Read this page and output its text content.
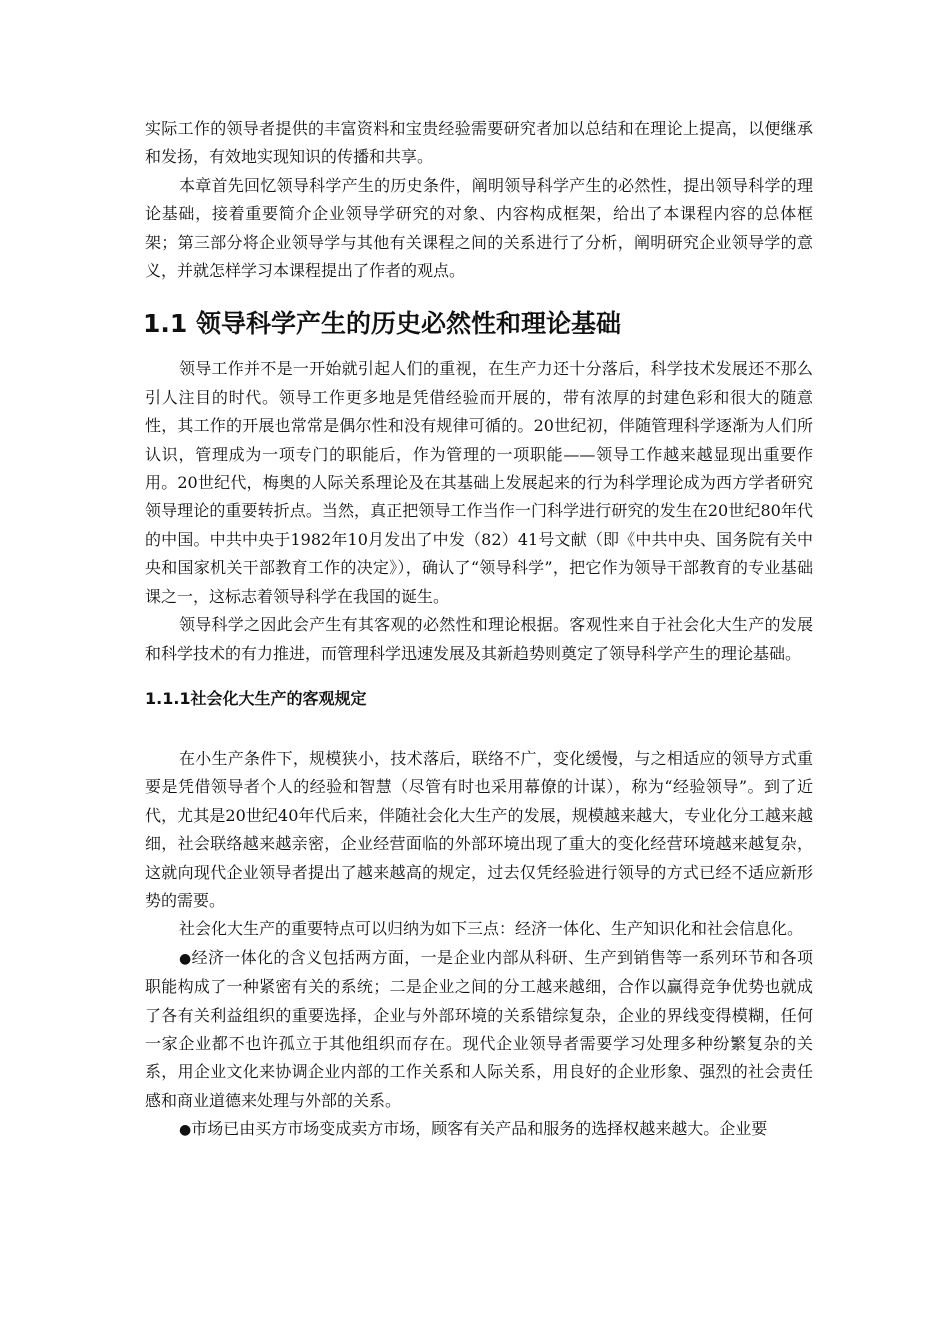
实际工作的领导者提供的丰富资料和宝贵经验需要研究者加以总结和在理论上提高，以便继承和发扬，有效地实现知识的传播和共享。

本章首先回忆领导科学产生的历史条件，阐明领导科学产生的必然性，提出领导科学的理论基础，接着重要简介企业领导学研究的对象、内容构成框架，给出了本课程内容的总体框架；第三部分将企业领导学与其他有关课程之间的关系进行了分析，阐明研究企业领导学的意义，并就怎样学习本课程提出了作者的观点。

1.1 领导科学产生的历史必然性和理论基础

领导工作并不是一开始就引起人们的重视，在生产力还十分落后，科学技术发展还不那么引人注目的时代。领导工作更多地是凭借经验而开展的，带有浓厚的封建色彩和很大的随意性，其工作的开展也常常是偶尔性和没有规律可循的。20世纪初，伴随管理科学逐渐为人们所认识，管理成为一项专门的职能后，作为管理的一项职能——领导工作越来越显现出重要作用。20世纪代，梅奥的人际关系理论及在其基础上发展起来的行为科学理论成为西方学者研究领导理论的重要转折点。当然，真正把领导工作当作一门科学进行研究的发生在20世纪80年代的中国。中共中央于1982年10月发出了中发（82）41号文献（即《中共中央、国务院有关中央和国家机关干部教育工作的决定》），确认了“领导科学”，把它作为领导干部教育的专业基础课之一，这标志着领导科学在我国的诞生。

领导科学之因此会产生有其客观的必然性和理论根据。客观性来自于社会化大生产的发展和科学技术的有力推进，而管理科学迅速发展及其新趋势则奠定了领导科学产生的理论基础。

1.1.1社会化大生产的客观规定

在小生产条件下，规模狭小，技术落后，联络不广，变化缓慢，与之相适应的领导方式重要是凭借领导者个人的经验和智慧（尽管有时也采用幕僚的计谋），称为“经验领导”。到了近代，尤其是20世纪40年代后来，伴随社会化大生产的发展，规模越来越大，专业化分工越来越细，社会联络越来越亲密，企业经营面临的外部环境出现了重大的变化经营环境越来越复杂，这就向现代企业领导者提出了越来越高的规定，过去仅凭经验进行领导的方式已经不适应新形势的需要。

社会化大生产的重要特点可以归纳为如下三点：经济一体化、生产知识化和社会信息化。

●经济一体化的含义包括两方面，一是企业内部从科研、生产到销售等一系列环节和各项职能构成了一种紧密有关的系统；二是企业之间的分工越来越细，合作以赢得竞争优势也就成了各有关利益组织的重要选择，企业与外部环境的关系错综复杂，企业的界线变得模糊，任何一家企业都不也许孤立于其他组织而存在。现代企业领导者需要学习处理多种纷繁复杂的关系，用企业文化来协调企业内部的工作关系和人际关系，用良好的企业形象、强烈的社会责任感和商业道德来处理与外部的关系。

●市场已由买方市场变成卖方市场，顾客有关产品和服务的选择权越来越大。企业要
